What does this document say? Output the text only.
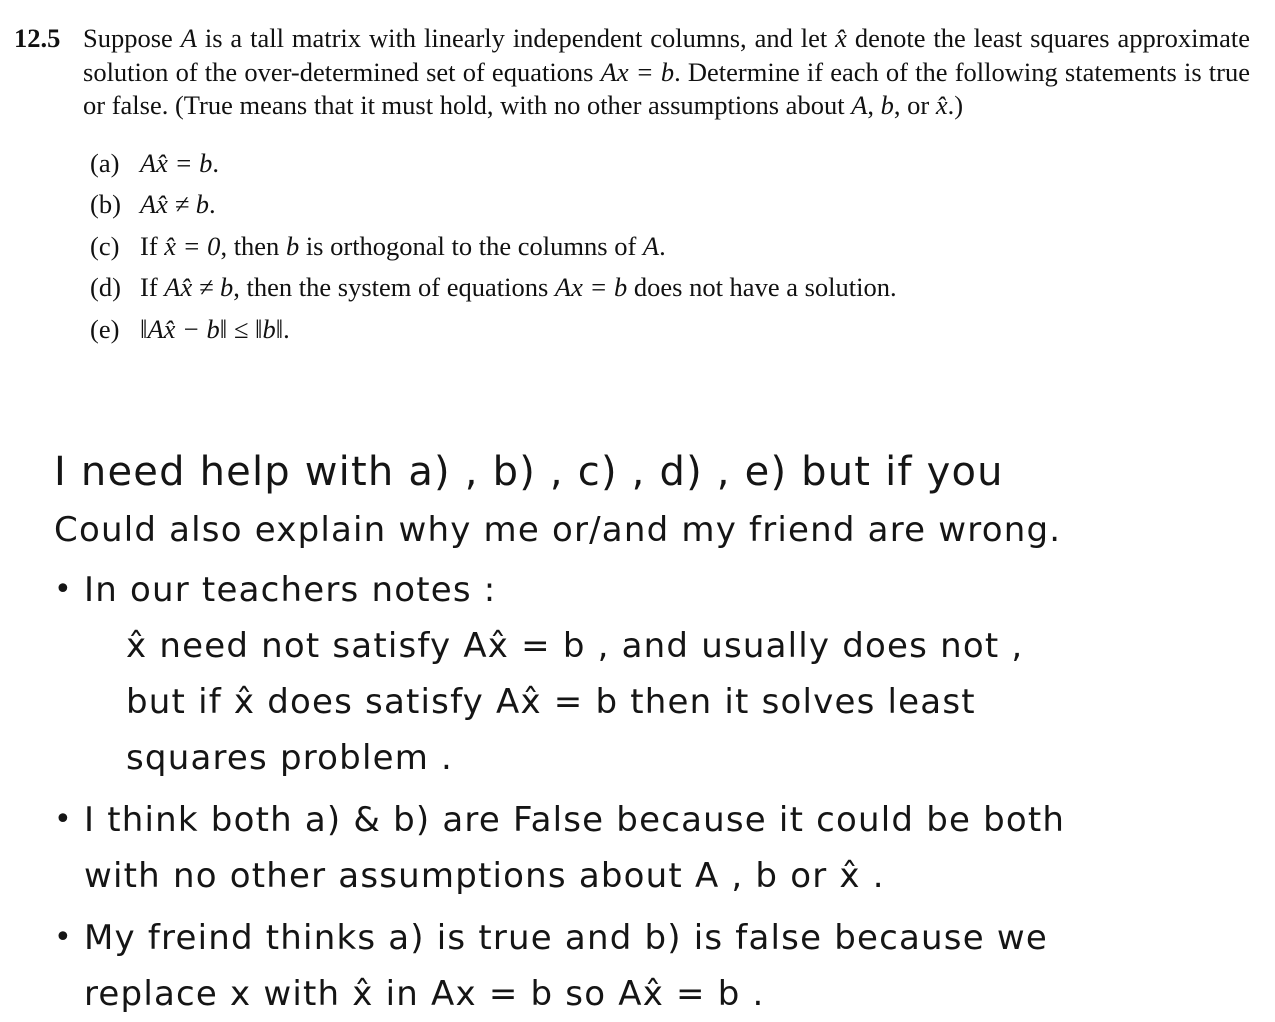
12.5 Suppose A is a tall matrix with linearly independent columns, and let x̂ denote the least squares approximate solution of the over-determined set of equations Ax = b. Determine if each of the following statements is true or false. (True means that it must hold, with no other assumptions about A, b, or x̂.)
(a) Ax̂ = b.
(b) Ax̂ ≠ b.
(c) If x̂ = 0, then b is orthogonal to the columns of A.
(d) If Ax̂ ≠ b, then the system of equations Ax = b does not have a solution.
(e) ‖Ax̂ − b‖ ≤ ‖b‖.
I need help with a) , b) , c) , d) , e) but if you
Could also explain why me or/and my friend are wrong.
• In our teachers notes :
x̂ need not satisfy Ax̂ = b , and usually does not ,
but if x̂ does satisfy Ax̂ = b then it solves least
squares problem .
• I think both a) & b) are False because it could be both
with no other assumptions about A , b or x̂ .
• My freind thinks a) is true and b) is false because we
replace x with x̂ in Ax = b so Ax̂ = b .
